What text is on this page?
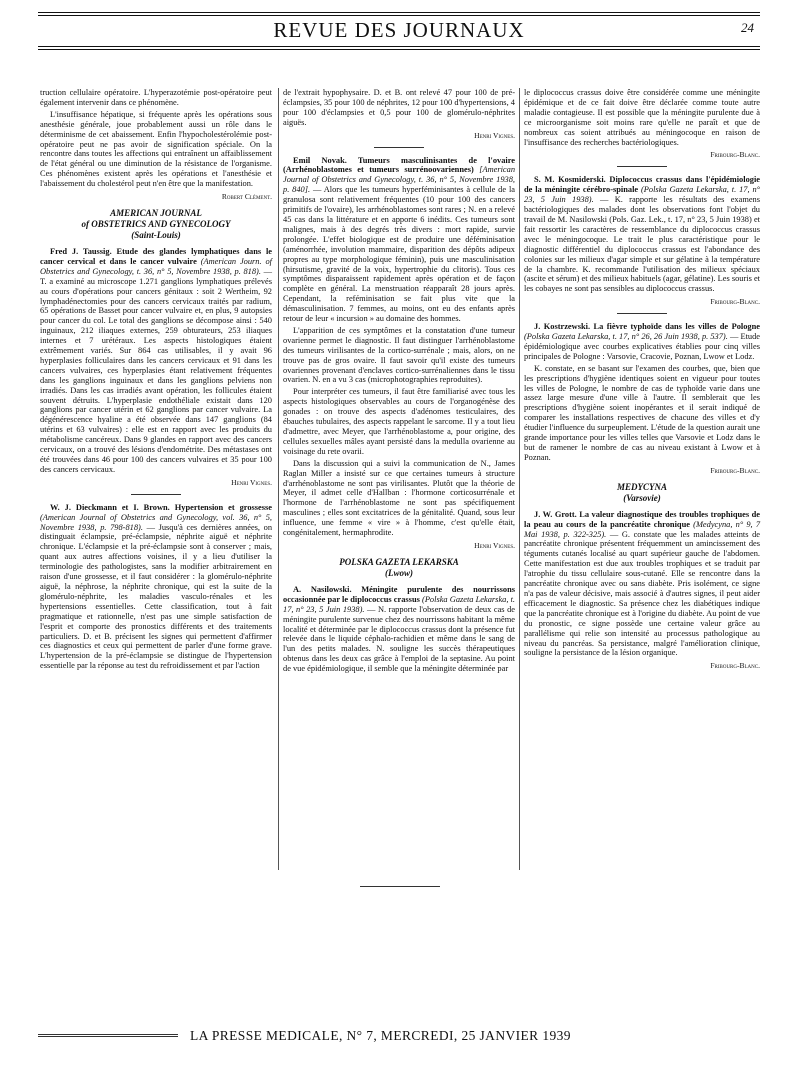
REVUE DES JOURNAUX	24

truction cellulaire opératoire. L'hyperazotémie post-opératoire peut également intervenir dans ce phénomène.

L'insuffisance hépatique, si fréquente après les opérations sous anesthésie générale, joue probablement aussi un rôle dans le déterminisme de cet abaissement. Enfin l'hypocholestérolémie post-opératoire peut ne pas avoir de signification spéciale. On la rencontre dans toutes les affections qui entraînent un affaiblissement de l'état général ou une diminution de la résistance de l'organisme. Ces phénomènes existent après les opérations et l'anesthésie et l'abaissement du cholestérol peut n'en être que la manifestation.

Robert Clément.
AMERICAN JOURNAL
of OBSTETRICS AND GYNECOLOGY
(Saint-Louis)

Fred J. Taussig. Etude des glandes lymphatiques dans le cancer cervical et dans le cancer vulvaire (American Journ. of Obstetrics and Gynecology, t. 36, n° 5, Novembre 1938, p. 818). — T. a examiné au microscope 1.271 ganglions lymphatiques prélevés au cours d'opérations pour cancers génitaux : soit 2 Wertheim, 92 lymphadénectomies pour des cancers cervicaux traités par radium, 65 opérations de Basset pour cancer vulvaire et, en plus, 9 autopsies pour cancer du col. Le total des ganglions se décompose ainsi : 540 inguinaux, 212 iliaques externes, 259 obturateurs, 253 iliaques internes et 7 urétéraux. Les aspects histologiques étaient extrêmement variés. Sur 864 cas utilisables, il y avait 96 hyperplasies folliculaires dans les cancers cervicaux et 91 dans les cancers vulvaires, ces hyperplasies étant relativement fréquentes dans les ganglions inguinaux et dans les ganglions pelviens non irradiés. Dans les cas irradiés avant opération, les follicules étaient souvent détruits. L'hyperplasie endothéliale existait dans 120 ganglions par cancer utérin et 62 ganglions par cancer vulvaire. La dégénérescence hyaline a été observée dans 147 ganglions (84 utérins et 63 vulvaires) : elle est en rapport avec les produits du métabolisme cancéreux. Dans 9 glandes en rapport avec des cancers cervicaux, on a trouvé des lésions d'endométrite. Des métastases ont été trouvées dans 46 pour 100 des cancers vulvaires et 35 pour 100 des cancers cervicaux.

Henri Vignes.

W. J. Dieckmann et I. Brown. Hypertension et grossesse (American Journal of Obstetrics and Gynecology, vol. 36, n° 5, Novembre 1938, p. 798-818). — Jusqu'à ces dernières années, on distinguait éclampsie, pré-éclampsie, néphrite aiguë et néphrite chronique. L'éclampsie et la pré-éclampsie sont à conserver ; mais, quant aux autres affections voisines, il y a lieu d'utiliser la terminologie des pathologistes, sans la modifier arbitrairement en raison d'une grossesse, et il faut considérer : la glomérulo-néphrite aiguë, la néphrose, la néphrite chronique, qui est la suite de la glomérulo-néphrite, les maladies vasculo-rénales et les hypertensions essentielles. Cette classification, tout à fait pragmatique et rationnelle, n'est pas une simple satisfaction de l'esprit et comporte des pronostics différents et des traitements particuliers. D. et B. précisent les signes qui permettent d'affirmer ces diagnostics et ceux qui permettent de parler d'une forme grave. L'hypertension de la pré-éclampsie se distingue de l'hypertension essentielle par la réponse au test du refroidissement et par l'action

de l'extrait hypophysaire. D. et B. ont relevé 47 pour 100 de pré-éclampsies, 35 pour 100 de néphrites, 12 pour 100 d'hypertensions, 4 pour 100 d'éclampsies et 0,5 pour 100 de glomérulo-néphrites aiguës.

Henri Vignes.

Emil Novak. Tumeurs masculinisantes de l'ovaire (Arrhénoblastomes et tumeurs surrénoovariennes) [American Journal of Obstetrics and Gynecology, t. 36, n° 5, Novembre 1938, p. 840]. — Alors que les tumeurs hyperféminisantes à cellule de la granulosa sont relativement fréquentes (10 pour 100 des cancers primitifs de l'ovaire), les arrhénoblastomes sont rares ; N. en a relevé 45 cas dans la littérature et en apporte 6 inédits. Ces tumeurs sont malignes, mais à des degrés très divers : mort rapide, survie prolongée. L'effet biologique est de produire une déféminisation (aménorrhée, involution mammaire, disparition des dépôts adipeux propres au type morphologique féminin), puis une masculinisation (hirsutisme, gravité de la voix, hypertrophie du clitoris). Tous ces symptômes disparaissent rapidement après opération et de façon complète en général. La menstruation réapparaît 28 jours après. Cependant, la reféminisation se fait plus vite que la démasculinisation. 7 femmes, au moins, ont eu des enfants après retour de leur « incursion » au domaine des hommes.

L'apparition de ces symptômes et la constatation d'une tumeur ovarienne permet le diagnostic. Il faut distinguer l'arrhénoblastome des tumeurs virilisantes de la cortico-surrénale ; mais, alors, on ne trouve pas de gros ovaire. Il faut savoir qu'il existe des tumeurs ovariennes provenant d'enclaves cortico-surrénaliennes dans le tissu ovarien. N. en a vu 3 cas (microphotographies reproduites).

Pour interpréter ces tumeurs, il faut être familiarisé avec tous les aspects histologiques observables au cours de l'organogénèse des gonades : on trouve des aspects d'adénomes testiculaires, des ébauches tubulaires, des aspects rappelant le sarcome. Il y a tout lieu d'admettre, avec Meyer, que l'arrhénoblastome a, pour origine, des cellules sexuelles mâles ayant persisté dans la medulla ovarienne au voisinage du rete ovarii.

Dans la discussion qui a suivi la communication de N., James Raglan Miller a insisté sur ce que certaines tumeurs à structure d'arrhénoblastome ne sont pas virilisantes. Plutôt que la théorie de Meyer, il admet celle d'Hallban : l'hormone corticosurrénale et l'hormone de l'arrhénoblastome ne sont pas spécifiquement masculines ; elles sont excitatrices de la génitalité. Quand, sous leur influence, une femme « vire » à l'homme, c'est qu'elle était, congénitalement, hermaphrodite.

Henri Vignes.
POLSKA GAZETA LEKARSKA
(Lwow)

A. Nasilowski. Méningite purulente des nourrissons occasionnée par le diplococcus crassus (Polska Gazeta Lekarska, t. 17, n° 23, 5 Juin 1938). — N. rapporte l'observation de deux cas de méningite purulente survenue chez des nourrissons habitant la même localité et déterminée par le diplococcus crassus dont la présence fut relevée dans le liquide céphalo-rachidien et même dans le sang de l'un des petits malades. N. souligne les succès thérapeutiques obtenus dans les deux cas grâce à l'emploi de la septasine. Au point de vue épidémiologique, il semble que la méningite déterminée par

le diplococcus crassus doive être considérée comme une méningite épidémique et de ce fait doive être déclarée comme toute autre maladie contagieuse. Il est possible que la méningite purulente due à ce microorganisme soit moins rare qu'elle ne paraît et que de nombreux cas soient attribués au méningocoque en raison de l'insuffisance des recherches bactériologiques.

Fribourg-Blanc.

S. M. Kosmiderski. Diplococcus crassus dans l'épidémiologie de la méningite cérébro-spinale (Polska Gazeta Lekarska, t. 17, n° 23, 5 Juin 1938). — K. rapporte les résultats des examens bactériologiques des malades dont les observations font l'objet du travail de M. Nasilowski (Pols. Gaz. Lek., t. 17, n° 23, 5 Juin 1938) et fait ressortir les caractères de ressemblance du diplococcus crassus avec le méningocoque. Le trait le plus caractéristique pour le diagnostic différentiel du diplococcus crassus est l'abondance des colonies sur les milieux d'agar simple et sur gélatine à la température de la chambre. K. recommande l'utilisation des milieux spéciaux (ascite et sérum) et des milieux habituels (agar, gélatine). Les souris et les cobayes ne sont pas sensibles au diplococcus crassus.

Fribourg-Blanc.

J. Kostrzewski. La fièvre typhoïde dans les villes de Pologne (Polska Gazeta Lekarska, t. 17, n° 26, 26 Juin 1938, p. 537). — Etude épidémiologique avec courbes explicatives établies pour cinq villes principales de Pologne : Varsovie, Cracovie, Poznan, Lwow et Lodz.

K. constate, en se basant sur l'examen des courbes, que, bien que les prescriptions d'hygiène identiques soient en vigueur pour toutes les villes de Pologne, le nombre de cas de typhoïde varie dans une assez large mesure d'une ville à l'autre. Il semblerait que les prescriptions d'hygiène soient inopérantes et il serait indiqué de comparer les installations respectives de chacune des villes et d'y étudier l'influence du surpeuplement. L'étude de la question aurait une grande importance pour les villes telles que Varsovie et Lodz dans le but de ramener le nombre de cas au niveau existant à Lwow et à Poznan.

Fribourg-Blanc.
MEDYCYNA
(Varsovie)

J. W. Grott. La valeur diagnostique des troubles trophiques de la peau au cours de la pancréatite chronique (Medycyna, n° 9, 7 Mai 1938, p. 322-325). — G. constate que les malades atteints de pancréatite chronique présentent fréquemment un amincissement des téguments cutanés localisé au quart supérieur gauche de l'abdomen. Cette manifestation est due aux troubles trophiques et se traduit par l'atrophie du tissu cellulaire sous-cutané. Elle se rencontre dans la pancréatite chronique avec ou sans diabète. Pris isolément, ce signe n'a pas de valeur décisive, mais associé à d'autres signes, il peut aider efficacement le diagnostic. Sa présence chez les diabétiques indique que la pancréatite chronique est à l'origine du diabète. Au point de vue du pronostic, ce signe possède une certaine valeur grâce au parallélisme qui relie son intensité au processus pathologique au niveau du pancréas. Sa persistance, malgré l'amélioration clinique, souligne la persistance de la lésion organique.

Fribourg-Blanc.
LA PRESSE MEDICALE, N° 7, MERCREDI, 25 JANVIER 1939
